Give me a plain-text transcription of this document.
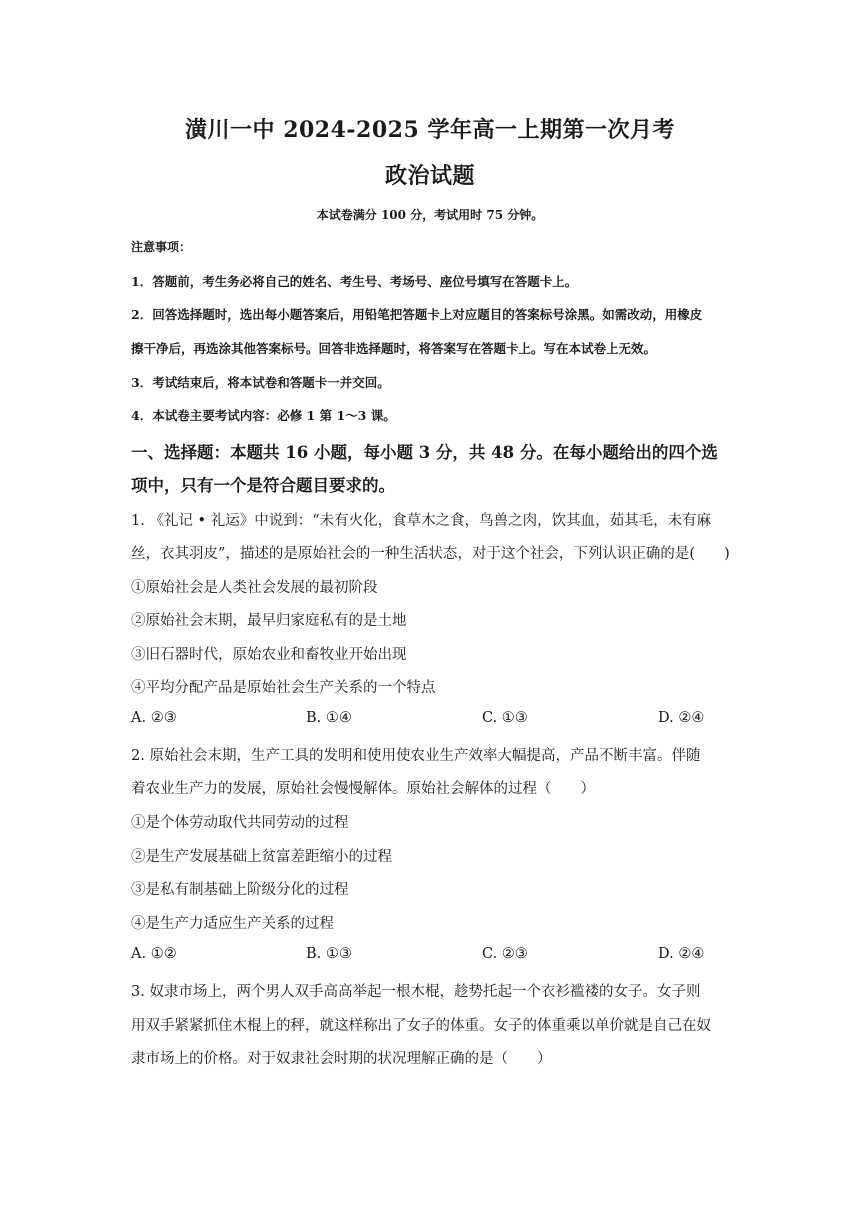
潢川一中 2024-2025 学年高一上期第一次月考
政治试题
本试卷满分 100 分，考试用时 75 分钟。
注意事项：
1．答题前，考生务必将自己的姓名、考生号、考场号、座位号填写在答题卡上。
2．回答选择题时，选出每小题答案后，用铅笔把答题卡上对应题目的答案标号涂黑。如需改动，用橡皮
擦干净后，再选涂其他答案标号。回答非选择题时，将答案写在答题卡上。写在本试卷上无效。
3．考试结束后，将本试卷和答题卡一并交回。
4．本试卷主要考试内容：必修 1 第 1～3 课。
一、选择题：本题共 16 小题，每小题 3 分，共 48 分。在每小题给出的四个选
项中，只有一个是符合题目要求的。
1. 《礼记 • 礼运》中说到：“未有火化，食草木之食，鸟兽之肉，饮其血，茹其毛，未有麻
丝，衣其羽皮”，描述的是原始社会的一种生活状态，对于这个社会，下列认识正确的是(　　)
①原始社会是人类社会发展的最初阶段
②原始社会末期，最早归家庭私有的是土地
③旧石器时代，原始农业和畜牧业开始出现
④平均分配产品是原始社会生产关系的一个特点
A. ②③	B. ①④	C. ①③	D. ②④
2. 原始社会末期，生产工具的发明和使用使农业生产效率大幅提高，产品不断丰富。伴随
着农业生产力的发展，原始社会慢慢解体。原始社会解体的过程（　　）
①是个体劳动取代共同劳动的过程
②是生产发展基础上贫富差距缩小的过程
③是私有制基础上阶级分化的过程
④是生产力适应生产关系的过程
A. ①②	B. ①③	C. ②③	D. ②④
3. 奴隶市场上，两个男人双手高高举起一根木棍，趁势托起一个衣衫褴褛的女子。女子则
用双手紧紧抓住木棍上的秤，就这样称出了女子的体重。女子的体重乘以单价就是自己在奴
隶市场上的价格。对于奴隶社会时期的状况理解正确的是（　　）
